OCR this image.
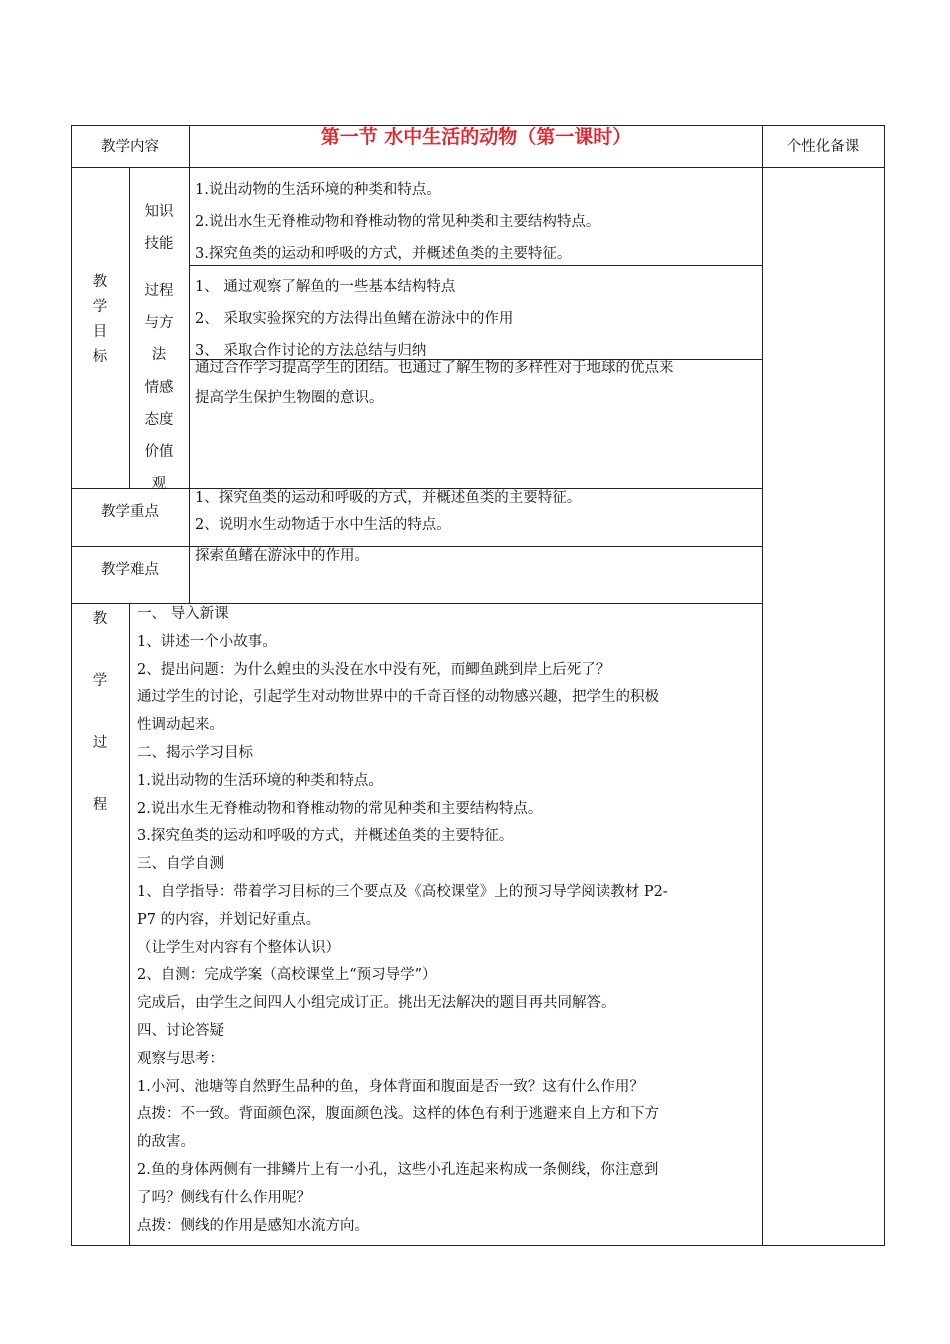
教学内容	第一节 水中生活的动物（第一课时）	个性化备课
教
学
目
标
知识
技能
1.说出动物的生活环境的种类和特点。
2.说出水生无脊椎动物和脊椎动物的常见种类和主要结构特点。
3.探究鱼类的运动和呼吸的方式，并概述鱼类的主要特征。
过程
与方
法
1、 通过观察了解鱼的一些基本结构特点
2、 采取实验探究的方法得出鱼鳍在游泳中的作用
3、 采取合作讨论的方法总结与归纳
情感
态度
价值
观
通过合作学习提高学生的团结。也通过了解生物的多样性对于地球的优点来
提高学生保护生物圈的意识。
教学重点
1、探究鱼类的运动和呼吸的方式，并概述鱼类的主要特征。
2、说明水生动物适于水中生活的特点。
教学难点
探索鱼鳍在游泳中的作用。
教
学
过
程
一、 导入新课
1、讲述一个小故事。
2、提出问题：为什么蝗虫的头没在水中没有死，而鲫鱼跳到岸上后死了？
通过学生的讨论，引起学生对动物世界中的千奇百怪的动物感兴趣，把学生的积极
性调动起来。
二、揭示学习目标
1.说出动物的生活环境的种类和特点。
2.说出水生无脊椎动物和脊椎动物的常见种类和主要结构特点。
3.探究鱼类的运动和呼吸的方式，并概述鱼类的主要特征。
三、自学自测
1、自学指导：带着学习目标的三个要点及《高校课堂》上的预习导学阅读教材 P2-
P7 的内容，并划记好重点。
（让学生对内容有个整体认识）
2、自测：完成学案（高校课堂上“预习导学”）
完成后，由学生之间四人小组完成订正。挑出无法解决的题目再共同解答。
四、讨论答疑
观察与思考：
1.小河、池塘等自然野生品种的鱼，身体背面和腹面是否一致？这有什么作用？
点拨：不一致。背面颜色深，腹面颜色浅。这样的体色有利于逃避来自上方和下方
的敌害。
2.鱼的身体两侧有一排鳞片上有一小孔，这些小孔连起来构成一条侧线，你注意到
了吗？侧线有什么作用呢？
点拨：侧线的作用是感知水流方向。
